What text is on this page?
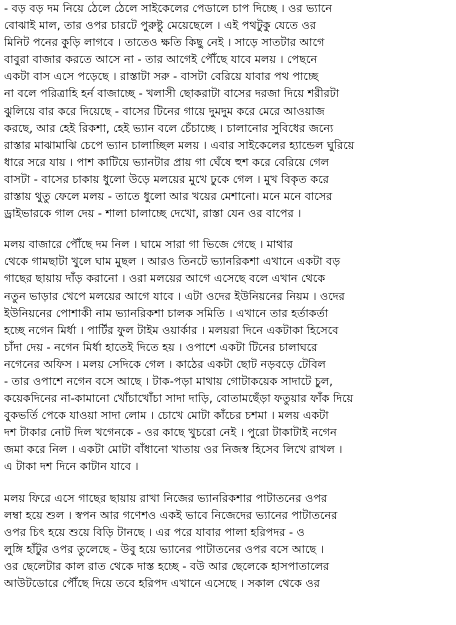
- বড় বড় দম নিয়ে ঠেলে ঠেলে সাইকেলের পেডালে চাপ দিচ্ছে । ওর ভ্যানে
বোঝাই মাল, তার ওপর চারটে পুরুষ্টু মেয়েছেলে । এই পথটুকু যেতে ওর
মিনিট পনের কুড়ি লাগবে । তাতেও ক্ষতি কিছু নেই । সাড়ে সাতটার আগে
বাবুরা বাজার করতে আসে না - তার আগেই পৌঁছে যাবে মলয় । পেছনে
একটা বাস এসে পড়েছে । রাস্তাটা সরু - বাসটা বেরিয়ে যাবার পথ পাচ্ছে
না বলে পরিত্রাহি হর্ন বাজাচ্ছে - খলাসী ছোকরাটা বাসের দরজা দিয়ে শরীরটা
ঝুলিয়ে বার করে দিয়েছে - বাসের টিনের গায়ে দুমদুম করে মেরে আওয়াজ
করছে, আর হেই রিকশা, হেই ভ্যান বলে চেঁচাচ্ছে । চালানোর সুবিধের জন্যে
রাস্তার মাঝামাঝি চেপে ভ্যান চালাচ্ছিল মলয় । এবার সাইকেলের হ্যান্ডেল ঘুরিয়ে
ধারে সরে যায় । পাশ কাটিয়ে ভ্যানটার প্রায় গা ঘেঁষে হুশ করে বেরিয়ে গেল
বাসটা - বাসের চাকায় ধুলো উড়ে মলয়ের মুখে ঢুকে গেল । মুখ বিকৃত করে
রাস্তায় থুতু ফেলে মলয় - তাতে ধুলো আর খয়ের মেশানো। মনে মনে বাসের
ড্রাইভারকে গাল দেয় - শালা চালাচ্ছে দেখো, রাস্তা যেন ওর বাপের ।
মলয় বাজারে পৌঁছে দম নিল । ঘামে সারা গা ভিজে গেছে । মাথার
থেকে গামছাটা খুলে ঘাম মুছল । আরও তিনটে ভ্যানরিকশা এখানে একটা বড়
গাছের ছায়ায় দাঁড় করানো । ওরা মলয়ের আগে এসেছে বলে এখান থেকে
নতুন ভাড়ার খেপে মলয়ের আগে যাবে । এটা ওদের ইউনিয়নের নিয়ম । ওদের
ইউনিয়নের পোশাকী নাম ভ্যানরিকশা চালক সমিতি । এখানে তার হর্তাকর্তা
হচ্ছে নগেন মির্ধা । পার্টির ফুল টাইম ওয়ার্কার । মলয়রা দিনে একটাকা হিসেবে
চাঁদা দেয় - নগেন মির্ধা হাতেই দিতে হয় । ওপাশে একটা টিনের চালাঘরে
নগেনের অফিস । মলয় সেদিকে গেল । কাঠের একটা ছোট নড়বড়ে টেবিল
- তার ওপাশে নগেন বসে আছে । টাক-পড়া মাথায় গোটাকয়েক সাদাটে চুল,
কয়েকদিনের না-কামানো খোঁচাখোঁচা সাদা দাড়ি, বোতামছেঁড়া ফতুয়ার ফাঁক দিয়ে
বুকভর্তি পেকে যাওয়া সাদা লোম । চোখে মোটা কাঁচের চশমা । মলয় একটা
দশ টাকার নোট দিল খগেনকে - ওর কাছে খুচরো নেই । পুরো টাকাটাই নগেন
জমা করে নিল । একটা মোটা বাঁধানো খাতায় ওর নিজস্ব হিসেব লিখে রাখল ।
এ টাকা দশ দিনে কাটান যাবে ।
মলয় ফিরে এসে গাছের ছায়ায় রাখা নিজের ভ্যানরিকশার পাটাতনের ওপর
লম্বা হয়ে শুল । স্বপন আর গণেশও একই ভাবে নিজেদের ভ্যানের পাটাতনের
ওপর চিৎ হয়ে শুয়ে বিড়ি টানছে । এর পরে যাবার পালা হরিপদর - ও
লুঙ্গি হাঁটুর ওপর তুলেছে - উবু হয়ে ভ্যানের পাটাতনের ওপর বসে আছে ।
ওর ছেলেটার কাল রাত থেকে দাস্ত হচ্ছে - বউ আর ছেলেকে হাসপাতালের
আউটডোরে পৌঁছে দিয়ে তবে হরিপদ এখানে এসেছে । সকাল থেকে ওর
